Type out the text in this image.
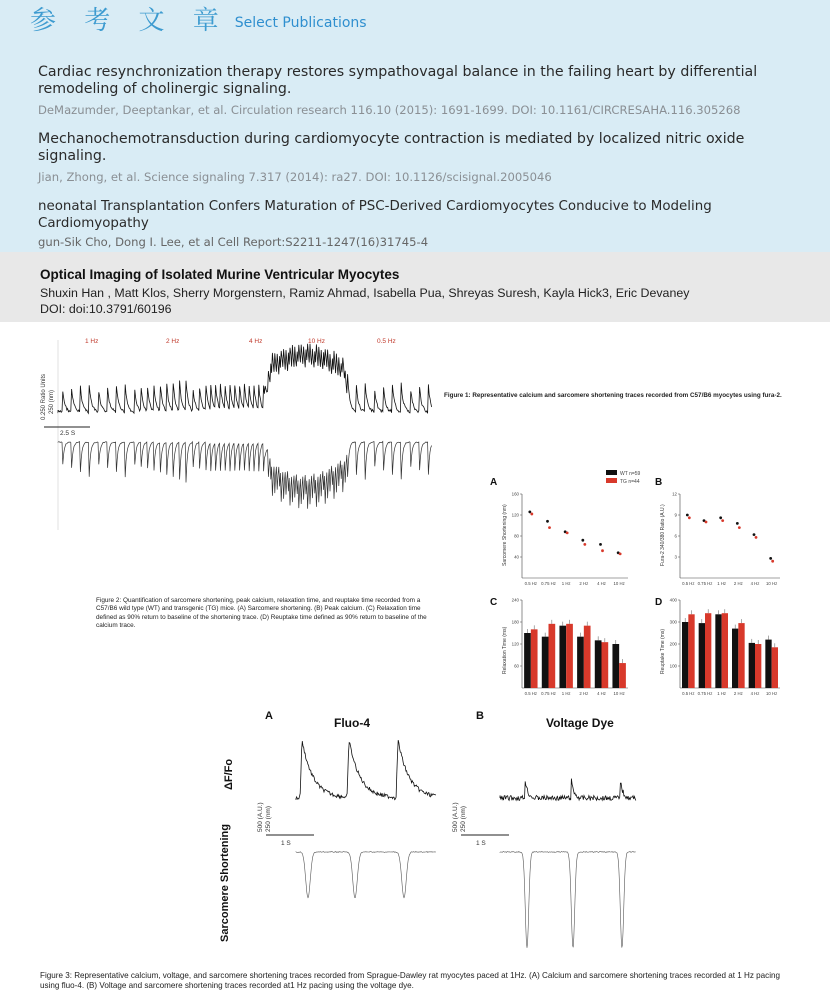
参 考 文 章 Select Publications
Cardiac resynchronization therapy restores sympathovagal balance in the failing heart by differential remodeling of cholinergic signaling.
DeMazumder, Deeptankar, et al. Circulation research 116.10 (2015): 1691-1699. DOI: 10.1161/CIRCRESAHA.116.305268
Mechanochemotransduction during cardiomyocyte contraction is mediated by localized nitric oxide signaling.
Jian, Zhong, et al. Science signaling 7.317 (2014): ra27. DOI: 10.1126/scisignal.2005046
neonatal Transplantation Confers Maturation of PSC-Derived Cardiomyocytes Conducive to Modeling Cardiomyopathy
gun-Sik Cho, Dong I. Lee, et al Cell Report:S2211-1247(16)31745-4
Optical Imaging of Isolated Murine Ventricular Myocytes
Shuxin Han , Matt Klos, Sherry Morgenstern, Ramiz Ahmad, Isabella Pua, Shreyas Suresh, Kayla Hick3, Eric Devaney
DOI: doi:10.3791/60196
1 Hz	2 Hz	4 Hz	10 Hz	0.5 Hz
0.250 Ratio Units 250 (nm)
2.5 S
WT n=59
TG n=44
A	B
C	D
Sarcomere Shortening (nm)
160
120
80
40
0.5 Hz 0.75 Hz 1 Hz 2 Hz 4 Hz 10 Hz
Fura-2 340/380 Ratio (A.U.)
12
9
6
3
0.5 Hz 0.75 Hz 1 Hz 2 Hz 4 Hz 10 Hz
Relaxation Time (ms)
240
180
120
60
0.5 Hz 0.75 Hz 1 Hz 2 Hz 4 Hz 10 Hz
Reuptake Time (ms)
400
300
200
100
0.5 Hz 0.75 Hz 1 Hz 2 Hz 4 Hz 10 Hz
A	B
Fluo-4	Voltage Dye
ΔF/Fo
Sarcomere Shortening
500 (A.U.) 250 (nm)	500 (A.U.) 250 (nm)
1 S	1 S
Figure 1: Representative calcium and sarcomere shortening traces recorded from C57/B6 myocytes using fura-2.
Figure 2: Quantification of sarcomere shortening, peak calcium, relaxation time, and reuptake time recorded from a C57/B6 wild type (WT) and transgenic (TG) mice. (A) Sarcomere shortening. (B) Peak calcium. (C) Relaxation time defined as 90% return to baseline of the shortening trace. (D) Reuptake time defined as 90% return to baseline of the calcium trace.
Figure 3: Representative calcium, voltage, and sarcomere shortening traces recorded from Sprague-Dawley rat myocytes paced at 1Hz. (A) Calcium and sarcomere shortening traces recorded at 1 Hz pacing using fluo-4. (B) Voltage and sarcomere shortening traces recorded at1 Hz pacing using the voltage dye.
